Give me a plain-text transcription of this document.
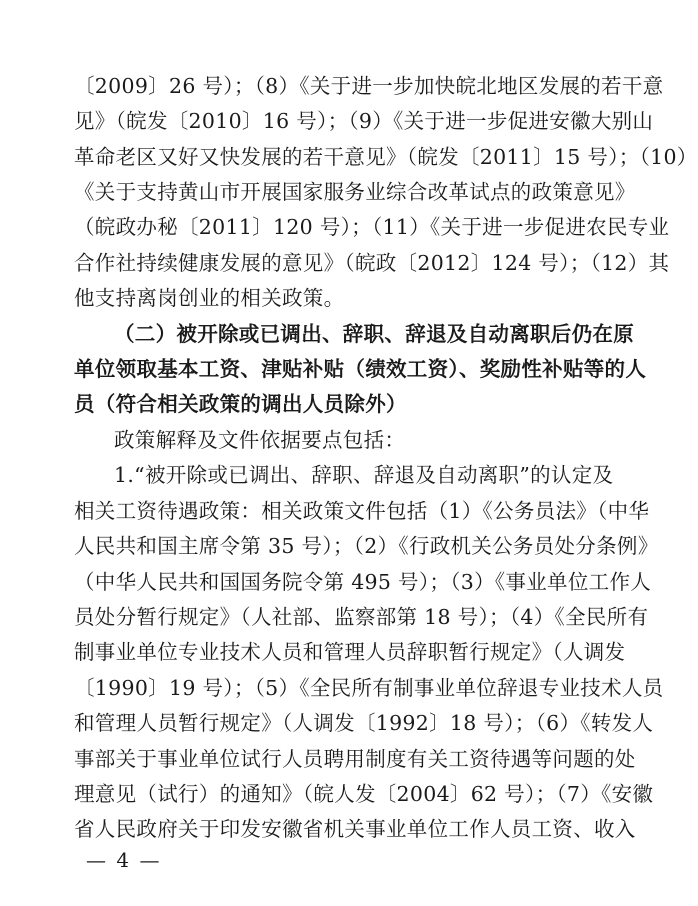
〔2009〕26 号）；（8）《关于进一步加快皖北地区发展的若干意
见》（皖发〔2010〕16 号）；（9）《关于进一步促进安徽大别山
革命老区又好又快发展的若干意见》（皖发〔2011〕15 号）；（10）
《关于支持黄山市开展国家服务业综合改革试点的政策意见》
（皖政办秘〔2011〕120 号）；（11）《关于进一步促进农民专业
合作社持续健康发展的意见》（皖政〔2012〕124 号）；（12）其
他支持离岗创业的相关政策。
（二）被开除或已调出、辞职、辞退及自动离职后仍在原
单位领取基本工资、津贴补贴（绩效工资）、奖励性补贴等的人
员（符合相关政策的调出人员除外）
政策解释及文件依据要点包括：
1.“被开除或已调出、辞职、辞退及自动离职”的认定及
相关工资待遇政策：相关政策文件包括（1）《公务员法》（中华
人民共和国主席令第 35 号）；（2）《行政机关公务员处分条例》
（中华人民共和国国务院令第 495 号）；（3）《事业单位工作人
员处分暂行规定》（人社部、监察部第 18 号）；（4）《全民所有
制事业单位专业技术人员和管理人员辞职暂行规定》（人调发
〔1990〕19 号）；（5）《全民所有制事业单位辞退专业技术人员
和管理人员暂行规定》（人调发〔1992〕18 号）；（6）《转发人
事部关于事业单位试行人员聘用制度有关工资待遇等问题的处
理意见（试行）的通知》（皖人发〔2004〕62 号）；（7）《安徽
省人民政府关于印发安徽省机关事业单位工作人员工资、收入
— 4 —
